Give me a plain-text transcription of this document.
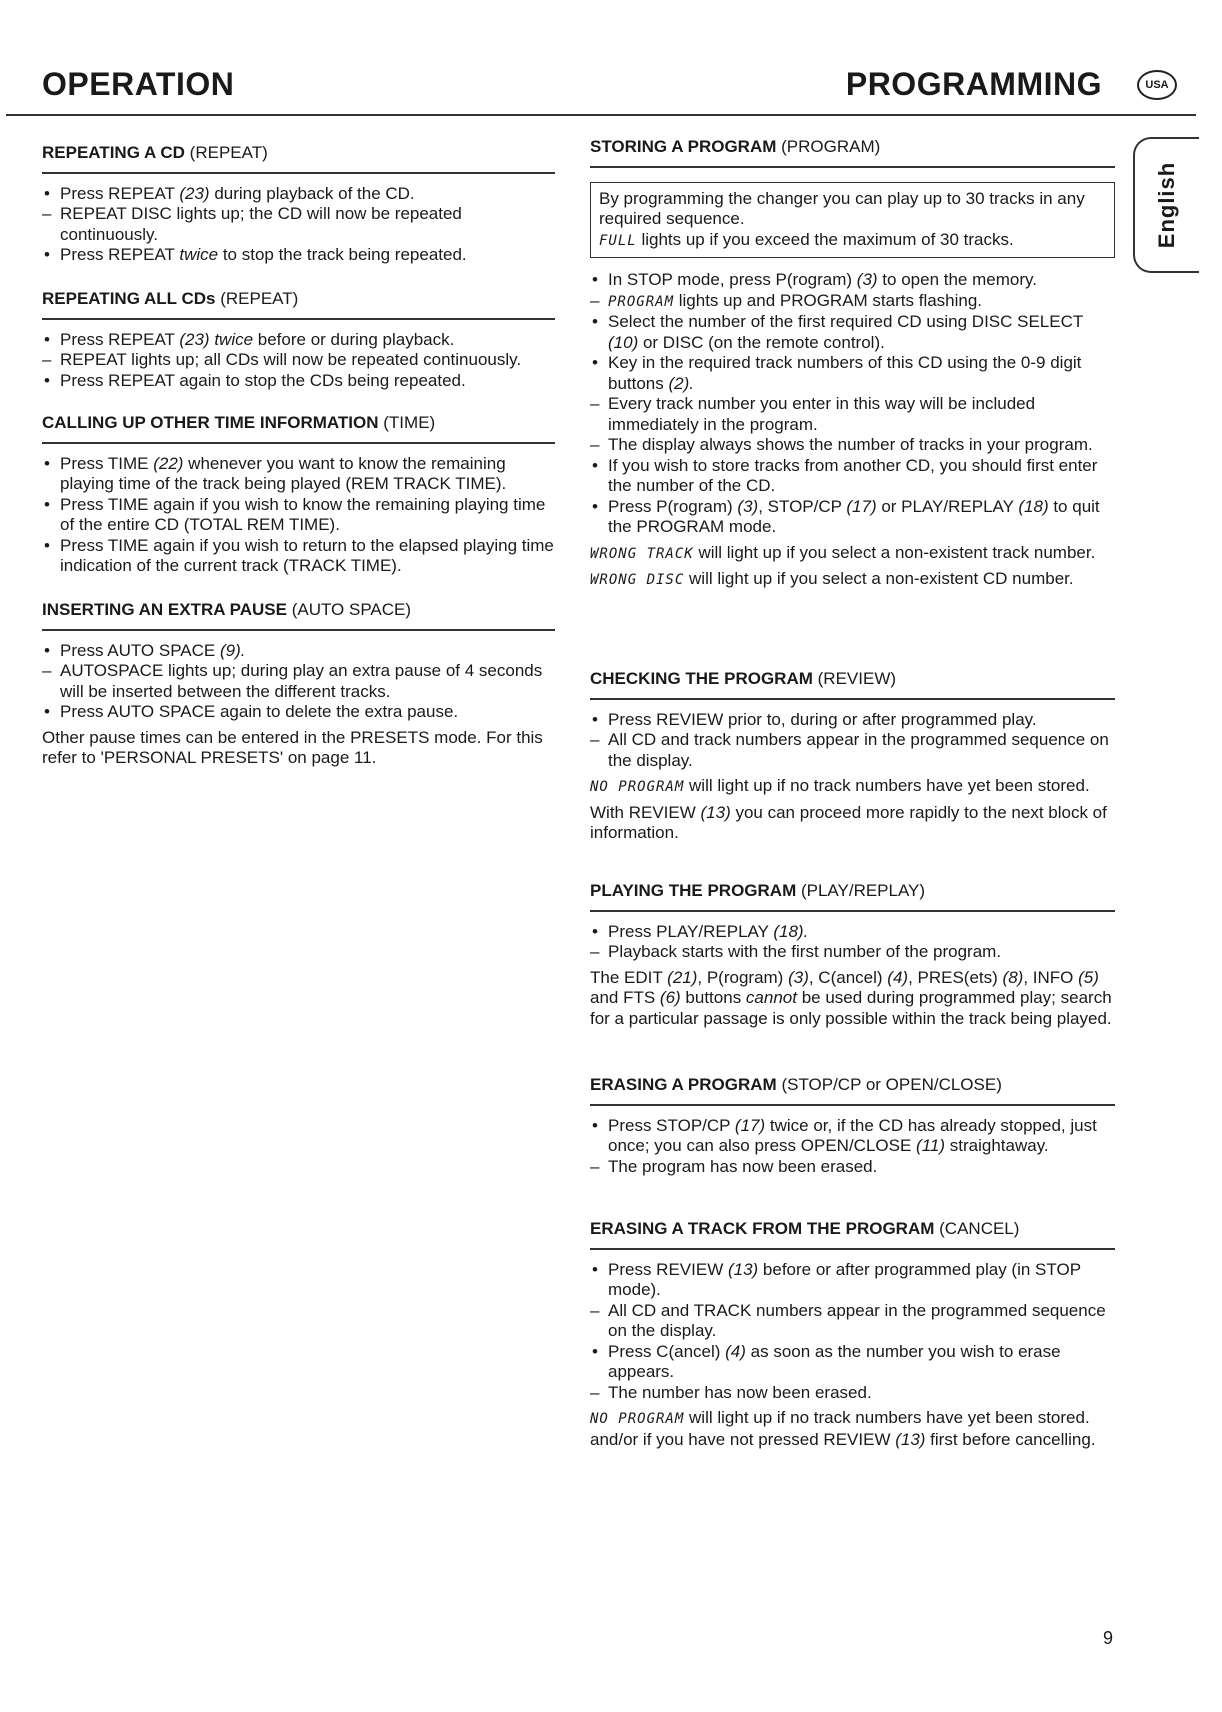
OPERATION	PROGRAMMING	USA
English
REPEATING A CD (REPEAT)
• Press REPEAT (23) during playback of the CD.
– REPEAT DISC lights up; the CD will now be repeated continuously.
• Press REPEAT twice to stop the track being repeated.
REPEATING ALL CDs (REPEAT)
• Press REPEAT (23) twice before or during playback.
– REPEAT lights up; all CDs will now be repeated continuously.
• Press REPEAT again to stop the CDs being repeated.
CALLING UP OTHER TIME INFORMATION (TIME)
• Press TIME (22) whenever you want to know the remaining playing time of the track being played (REM TRACK TIME).
• Press TIME again if you wish to know the remaining playing time of the entire CD (TOTAL REM TIME).
• Press TIME again if you wish to return to the elapsed playing time indication of the current track (TRACK TIME).
INSERTING AN EXTRA PAUSE (AUTO SPACE)
• Press AUTO SPACE (9).
– AUTOSPACE lights up; during play an extra pause of 4 seconds will be inserted between the different tracks.
• Press AUTO SPACE again to delete the extra pause.
Other pause times can be entered in the PRESETS mode. For this refer to 'PERSONAL PRESETS' on page 11.
STORING A PROGRAM (PROGRAM)
By programming the changer you can play up to 30 tracks in any required sequence.
FULL lights up if you exceed the maximum of 30 tracks.
• In STOP mode, press P(rogram) (3) to open the memory.
– PROGRAM lights up and PROGRAM starts flashing.
• Select the number of the first required CD using DISC SELECT (10) or DISC (on the remote control).
• Key in the required track numbers of this CD using the 0-9 digit buttons (2).
– Every track number you enter in this way will be included immediately in the program.
– The display always shows the number of tracks in your program.
• If you wish to store tracks from another CD, you should first enter the number of the CD.
• Press P(rogram) (3), STOP/CP (17) or PLAY/REPLAY (18) to quit the PROGRAM mode.
WRONG TRACK will light up if you select a non-existent track number.
WRONG DISC will light up if you select a non-existent CD number.
CHECKING THE PROGRAM (REVIEW)
• Press REVIEW prior to, during or after programmed play.
– All CD and track numbers appear in the programmed sequence on the display.
NO PROGRAM will light up if no track numbers have yet been stored.
With REVIEW (13) you can proceed more rapidly to the next block of information.
PLAYING THE PROGRAM (PLAY/REPLAY)
• Press PLAY/REPLAY (18).
– Playback starts with the first number of the program.
The EDIT (21), P(rogram) (3), C(ancel) (4), PRES(ets) (8), INFO (5) and FTS (6) buttons cannot be used during programmed play; search for a particular passage is only possible within the track being played.
ERASING A PROGRAM (STOP/CP or OPEN/CLOSE)
• Press STOP/CP (17) twice or, if the CD has already stopped, just once; you can also press OPEN/CLOSE (11) straightaway.
– The program has now been erased.
ERASING A TRACK FROM THE PROGRAM (CANCEL)
• Press REVIEW (13) before or after programmed play (in STOP mode).
– All CD and TRACK numbers appear in the programmed sequence on the display.
• Press C(ancel) (4) as soon as the number you wish to erase appears.
– The number has now been erased.
NO PROGRAM will light up if no track numbers have yet been stored. and/or if you have not pressed REVIEW (13) first before cancelling.
9
